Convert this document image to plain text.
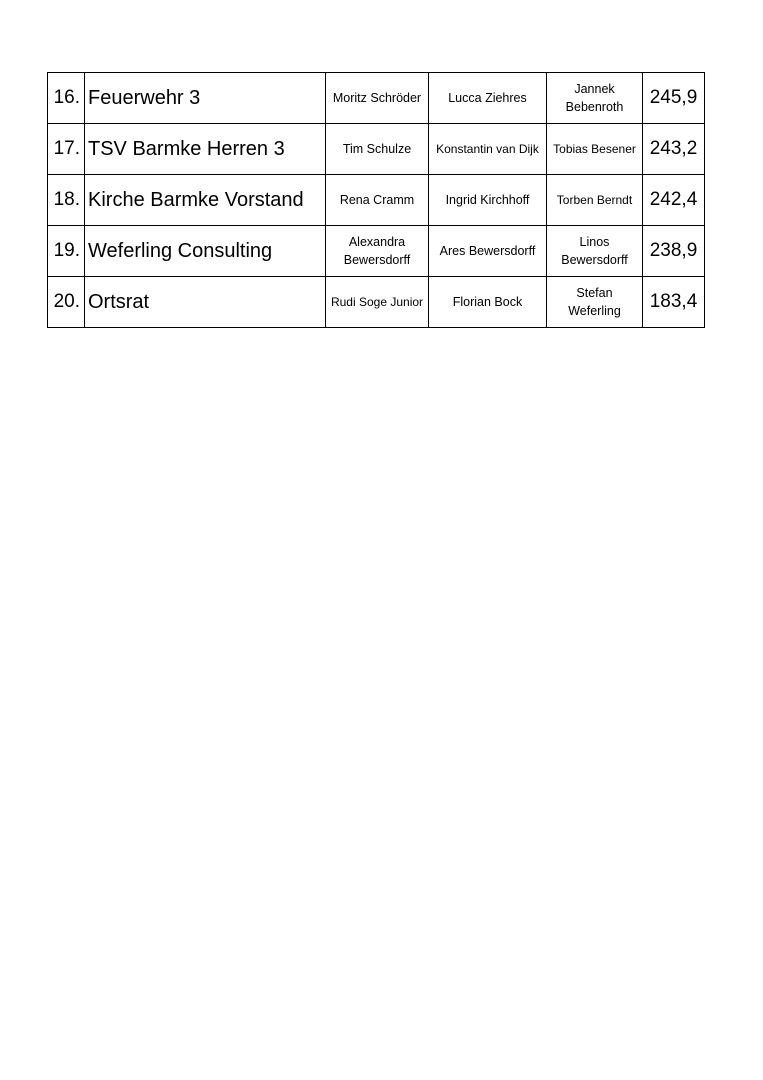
16.	Feuerwehr 3	Moritz Schröder	Lucca Ziehres	Jannek Bebenroth	245,9
17.	TSV Barmke Herren 3	Tim Schulze	Konstantin van Dijk	Tobias Besener	243,2
18.	Kirche Barmke Vorstand	Rena Cramm	Ingrid Kirchhoff	Torben Berndt	242,4
19.	Weferling Consulting	Alexandra Bewersdorff	Ares Bewersdorff	Linos Bewersdorff	238,9
20.	Ortsrat	Rudi Soge Junior	Florian Bock	Stefan Weferling	183,4
